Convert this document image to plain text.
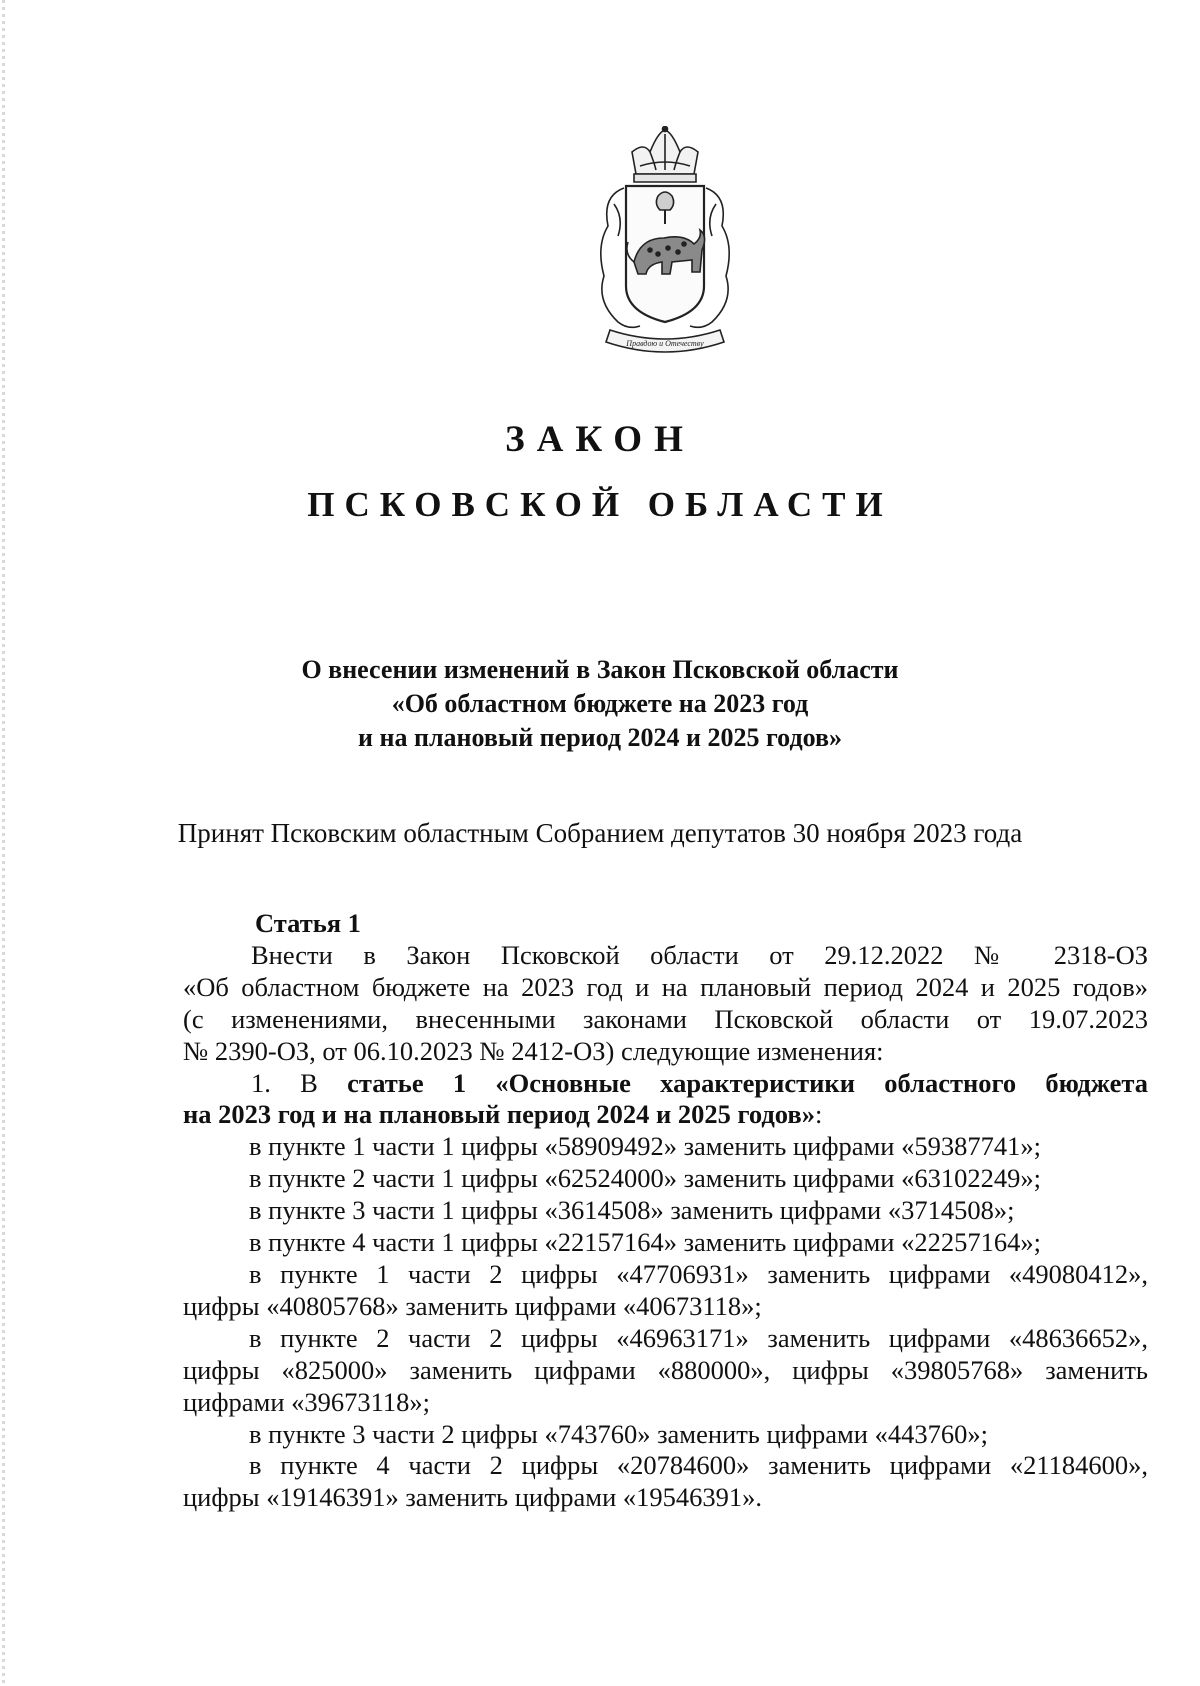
Правдою и Отечеству
ЗАКОН
ПСКОВСКОЙ ОБЛАСТИ
О внесении изменений в Закон Псковской области
«Об областном бюджете на 2023 год
и на плановый период 2024 и 2025 годов»
Принят Псковским областным Собранием депутатов 30 ноября 2023 года
Статья 1
Внести в Закон Псковской области от 29.12.2022 № 2318-ОЗ
«Об областном бюджете на 2023 год и на плановый период 2024 и 2025 годов»
(с изменениями, внесенными законами Псковской области от 19.07.2023
№ 2390-ОЗ, от 06.10.2023 № 2412-ОЗ) следующие изменения:
1. В статье 1 «Основные характеристики областного бюджета
на 2023 год и на плановый период 2024 и 2025 годов»:
в пункте 1 части 1 цифры «58909492» заменить цифрами «59387741»;
в пункте 2 части 1 цифры «62524000» заменить цифрами «63102249»;
в пункте 3 части 1 цифры «3614508» заменить цифрами «3714508»;
в пункте 4 части 1 цифры «22157164» заменить цифрами «22257164»;
в пункте 1 части 2 цифры «47706931» заменить цифрами «49080412»,
цифры «40805768» заменить цифрами «40673118»;
в пункте 2 части 2 цифры «46963171» заменить цифрами «48636652»,
цифры «825000» заменить цифрами «880000», цифры «39805768» заменить
цифрами «39673118»;
в пункте 3 части 2 цифры «743760» заменить цифрами «443760»;
в пункте 4 части 2 цифры «20784600» заменить цифрами «21184600»,
цифры «19146391» заменить цифрами «19546391».
